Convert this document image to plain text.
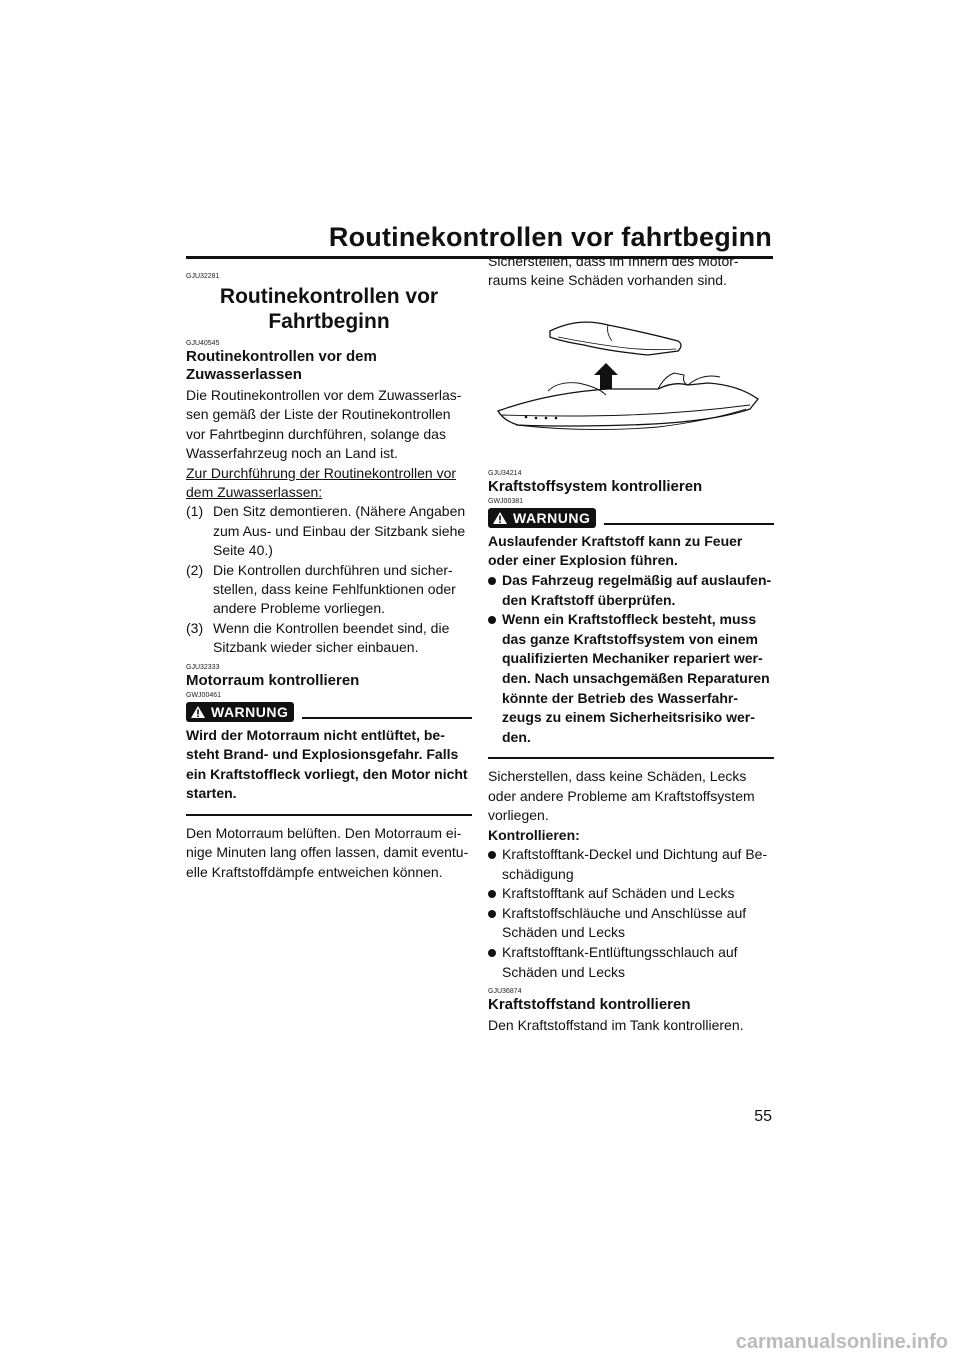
Routinekontrollen vor fahrtbeginn

GJU32281

Routinekontrollen vor Fahrtbeginn

GJU40545

Routinekontrollen vor dem Zuwasserlassen

Die Routinekontrollen vor dem Zuwasserlas-sen gemäß der Liste der Routinekontrollen vor Fahrtbeginn durchführen, solange das Wasserfahrzeug noch an Land ist.

Zur Durchführung der Routinekontrollen vor dem Zuwasserlassen:

(1) Den Sitz demontieren. (Nähere Angaben zum Aus- und Einbau der Sitzbank siehe Seite 40.)
(2) Die Kontrollen durchführen und sicher-stellen, dass keine Fehlfunktionen oder andere Probleme vorliegen.
(3) Wenn die Kontrollen beendet sind, die Sitzbank wieder sicher einbauen.

GJU32333

Motorraum kontrollieren

GWJ00461

WARNUNG

Wird der Motorraum nicht entlüftet, be-steht Brand- und Explosionsgefahr. Falls ein Kraftstoffleck vorliegt, den Motor nicht starten.

Den Motorraum belüften. Den Motorraum ei-nige Minuten lang offen lassen, damit eventu-elle Kraftstoffdämpfe entweichen können.

Sicherstellen, dass im Innern des Motor-raums keine Schäden vorhanden sind.

GJU34214

Kraftstoffsystem kontrollieren

GWJ00381

WARNUNG

Auslaufender Kraftstoff kann zu Feuer oder einer Explosion führen.

Das Fahrzeug regelmäßig auf auslaufen-den Kraftstoff überprüfen.
Wenn ein Kraftstoffleck besteht, muss das ganze Kraftstoffsystem von einem qualifizierten Mechaniker repariert wer-den. Nach unsachgemäßen Reparaturen könnte der Betrieb des Wasserfahr-zeugs zu einem Sicherheitsrisiko wer-den.

Sicherstellen, dass keine Schäden, Lecks oder andere Probleme am Kraftstoffsystem vorliegen.

Kontrollieren:

Kraftstofftank-Deckel und Dichtung auf Be-schädigung
Kraftstofftank auf Schäden und Lecks
Kraftstoffschläuche und Anschlüsse auf Schäden und Lecks
Kraftstofftank-Entlüftungsschlauch auf Schäden und Lecks

GJU36874

Kraftstoffstand kontrollieren

Den Kraftstoffstand im Tank kontrollieren.

55
carmanualsonline.info
